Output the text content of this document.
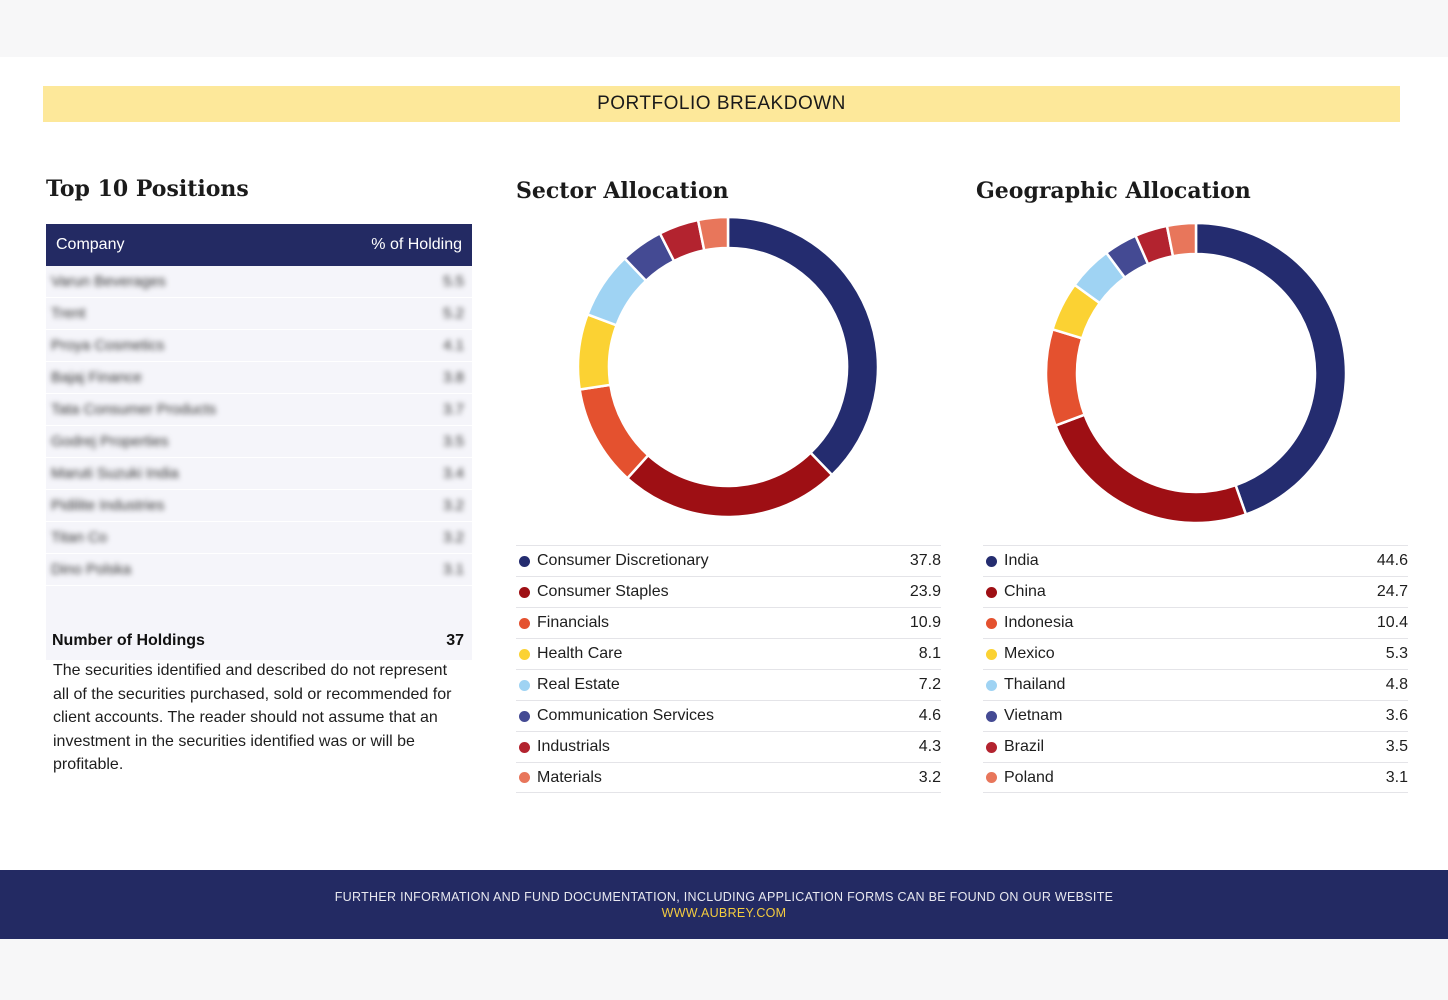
PORTFOLIO BREAKDOWN
Top 10 Positions
Company	% of Holding
Varun Beverages	5.5
Trent	5.2
Proya Cosmetics	4.1
Bajaj Finance	3.8
Tata Consumer Products	3.7
Godrej Properties	3.5
Maruti Suzuki India	3.4
Pidilite Industries	3.2
Titan Co	3.2
Dino Polska	3.1
Number of Holdings	37
The securities identified and described do not represent all of the securities purchased, sold or recommended for client accounts. The reader should not assume that an investment in the securities identified was or will be profitable.
Sector Allocation
Consumer Discretionary	37.8
Consumer Staples	23.9
Financials	10.9
Health Care	8.1
Real Estate	7.2
Communication Services	4.6
Industrials	4.3
Materials	3.2
Geographic Allocation
India	44.6
China	24.7
Indonesia	10.4
Mexico	5.3
Thailand	4.8
Vietnam	3.6
Brazil	3.5
Poland	3.1
FURTHER INFORMATION AND FUND DOCUMENTATION, INCLUDING APPLICATION FORMS CAN BE FOUND ON OUR WEBSITE
WWW.AUBREY.COM
